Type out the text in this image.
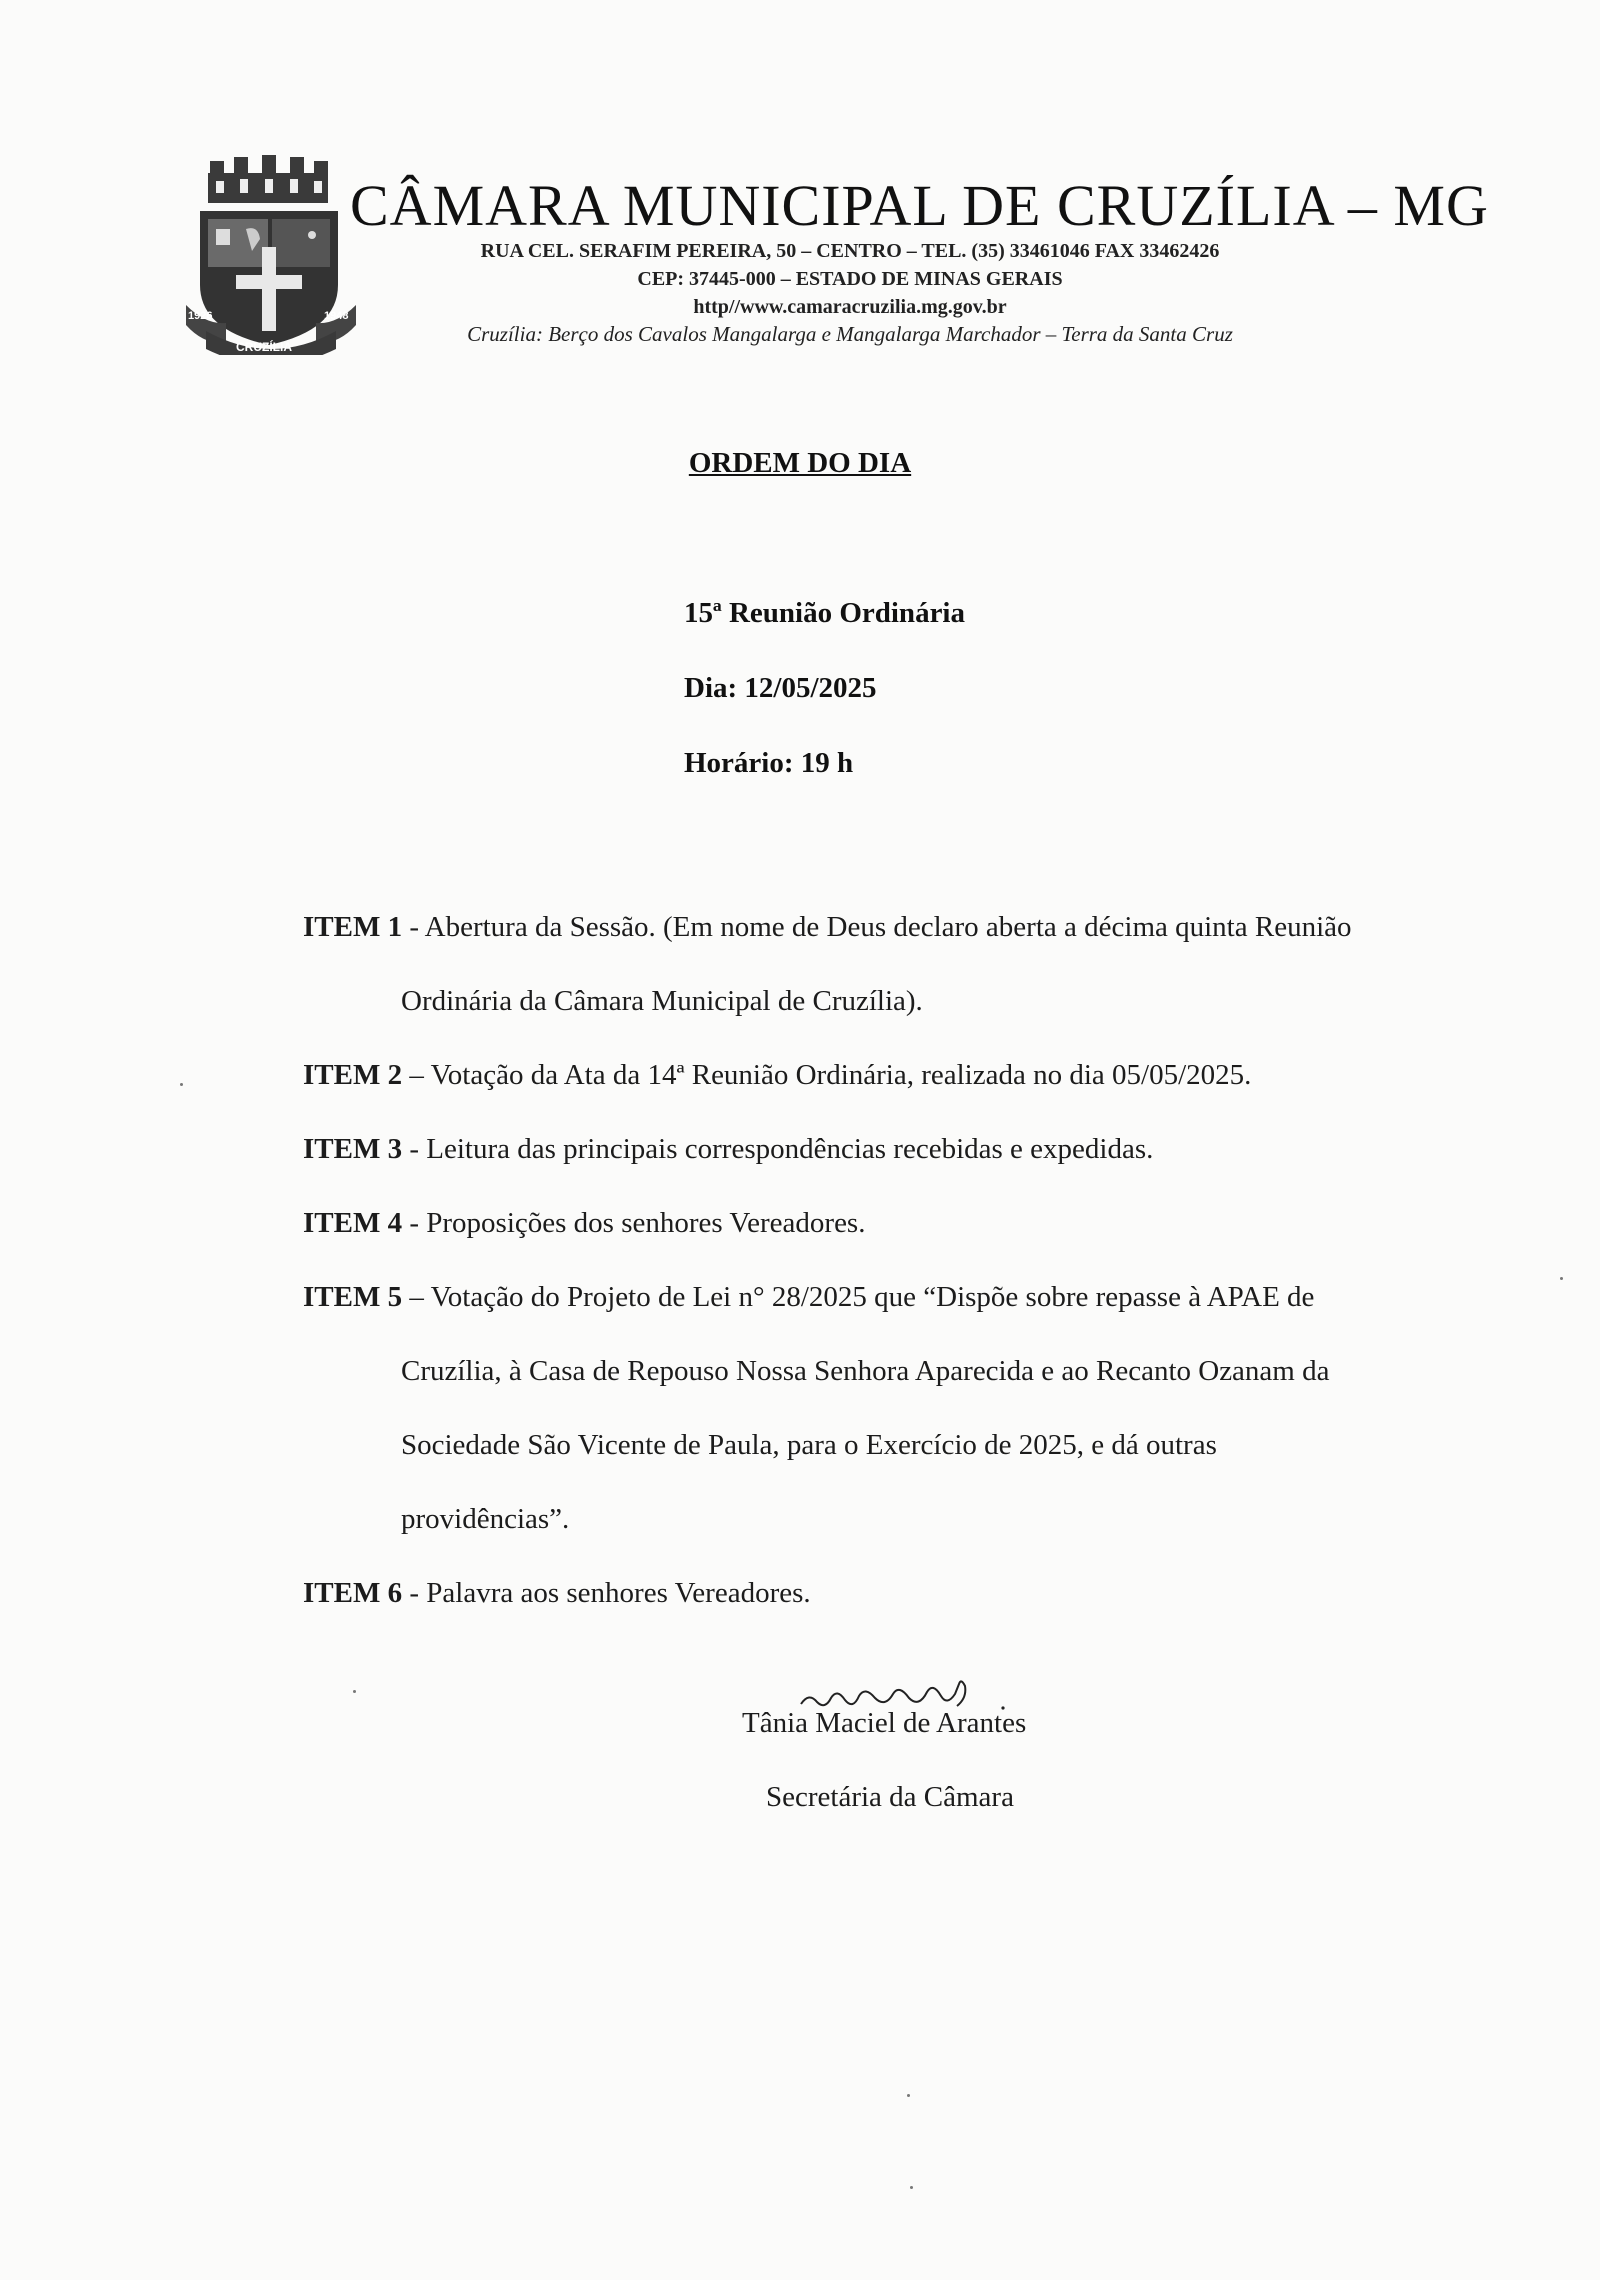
1926	1948
CRUZÍLIA
CÂMARA MUNICIPAL DE CRUZÍLIA – MG
RUA CEL. SERAFIM PEREIRA, 50 – CENTRO – TEL. (35) 33461046 FAX 33462426
CEP: 37445-000 – ESTADO DE MINAS GERAIS
http//www.camaracruzilia.mg.gov.br
Cruzília: Berço dos Cavalos Mangalarga e Mangalarga Marchador – Terra da Santa Cruz
ORDEM DO DIA
15ª Reunião Ordinária
Dia: 12/05/2025
Horário: 19 h
ITEM 1 - Abertura da Sessão. (Em nome de Deus declaro aberta a décima quinta Reunião
Ordinária da Câmara Municipal de Cruzília).
ITEM 2 – Votação da Ata da 14ª Reunião Ordinária, realizada no dia 05/05/2025.
ITEM 3 - Leitura das principais correspondências recebidas e expedidas.
ITEM 4 - Proposições dos senhores Vereadores.
ITEM 5 – Votação do Projeto de Lei n° 28/2025 que “Dispõe sobre repasse à APAE de
Cruzília, à Casa de Repouso Nossa Senhora Aparecida e ao Recanto Ozanam da
Sociedade São Vicente de Paula, para o Exercício de 2025, e dá outras
providências”.
ITEM 6 - Palavra aos senhores Vereadores.
Tânia Maciel de Arantes
Secretária da Câmara
